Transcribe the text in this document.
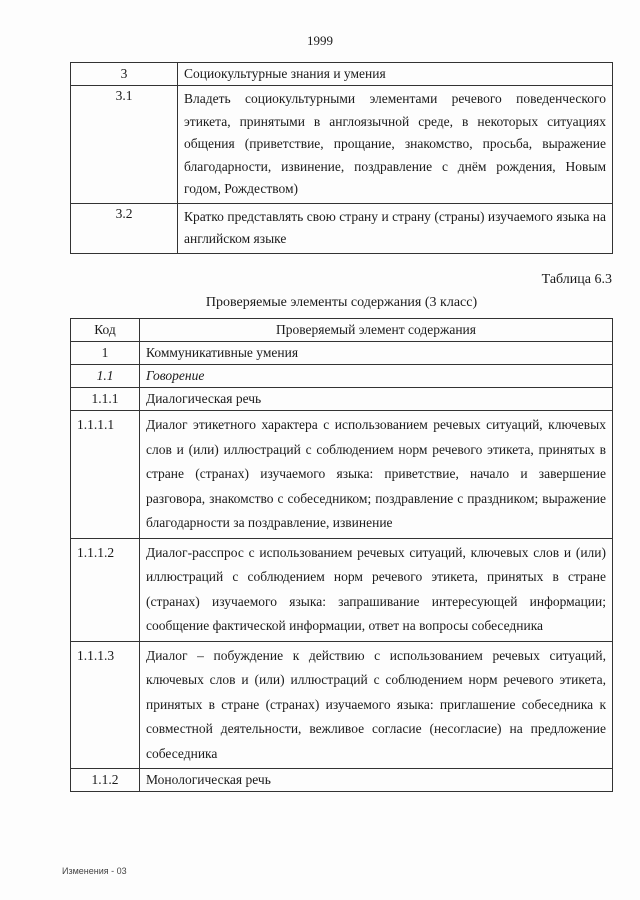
1999
3	Социокультурные знания и умения
3.1	Владеть социокультурными элементами речевого поведенческого этикета, принятыми в англоязычной среде, в некоторых ситуациях общения (приветствие, прощание, знакомство, просьба, выражение благодарности, извинение, поздравление с днём рождения, Новым годом, Рождеством)
3.2	Кратко представлять свою страну и страну (страны) изучаемого языка на английском языке
Таблица 6.3
Проверяемые элементы содержания (3 класс)
Код	Проверяемый элемент содержания
1	Коммуникативные умения
1.1	Говорение
1.1.1	Диалогическая речь
1.1.1.1	Диалог этикетного характера с использованием речевых ситуаций, ключевых слов и (или) иллюстраций с соблюдением норм речевого этикета, принятых в стране (странах) изучаемого языка: приветствие, начало и завершение разговора, знакомство с собеседником; поздравление с праздником; выражение благодарности за поздравление, извинение
1.1.1.2	Диалог-расспрос с использованием речевых ситуаций, ключевых слов и (или) иллюстраций с соблюдением норм речевого этикета, принятых в стране (странах) изучаемого языка: запрашивание интересующей информации; сообщение фактической информации, ответ на вопросы собеседника
1.1.1.3	Диалог – побуждение к действию с использованием речевых ситуаций, ключевых слов и (или) иллюстраций с соблюдением норм речевого этикета, принятых в стране (странах) изучаемого языка: приглашение собеседника к совместной деятельности, вежливое согласие (несогласие) на предложение собеседника
1.1.2	Монологическая речь
Изменения - 03
